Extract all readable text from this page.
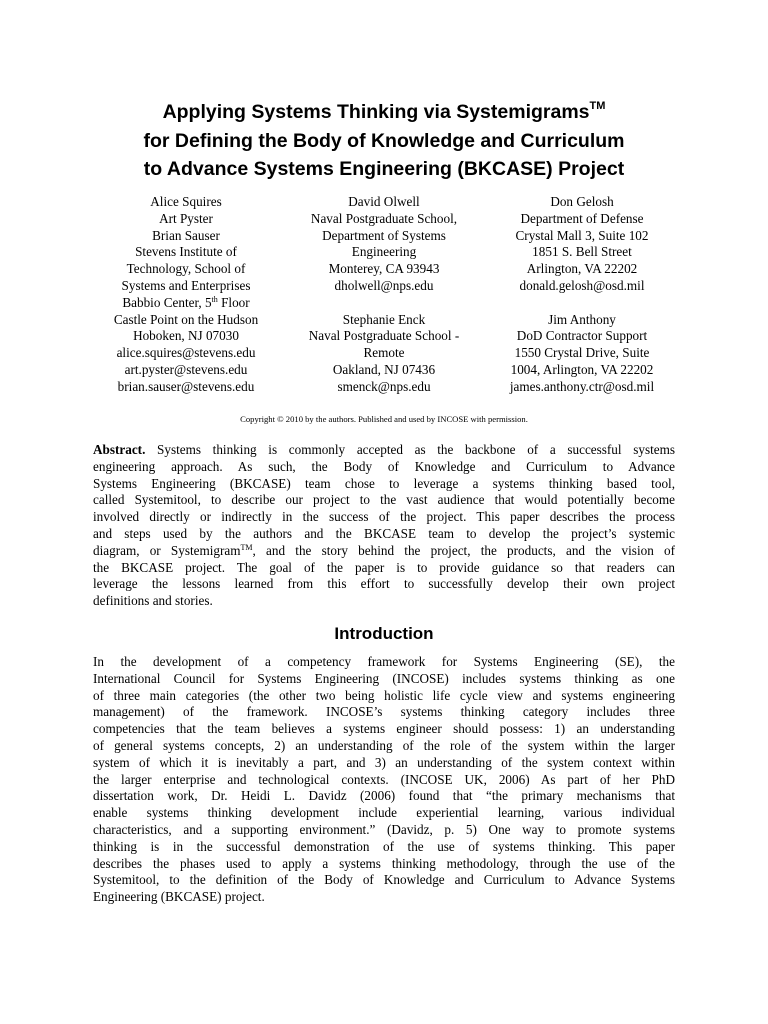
Applying Systems Thinking via Systemigrams™
for Defining the Body of Knowledge and Curriculum
to Advance Systems Engineering (BKCASE) Project
Alice Squires
Art Pyster
Brian Sauser
Stevens Institute of
Technology, School of
Systems and Enterprises
Babbio Center, 5th Floor
Castle Point on the Hudson
Hoboken, NJ 07030
alice.squires@stevens.edu
art.pyster@stevens.edu
brian.sauser@stevens.edu
David Olwell
Naval Postgraduate School,
Department of Systems
Engineering
Monterey, CA 93943
dholwell@nps.edu
Stephanie Enck
Naval Postgraduate School -
Remote
Oakland, NJ 07436
smenck@nps.edu
Don Gelosh
Department of Defense
Crystal Mall 3, Suite 102
1851 S. Bell Street
Arlington, VA 22202
donald.gelosh@osd.mil
Jim Anthony
DoD Contractor Support
1550 Crystal Drive, Suite
1004, Arlington, VA 22202
james.anthony.ctr@osd.mil
Copyright © 2010 by the authors. Published and used by INCOSE with permission.
Abstract. Systems thinking is commonly accepted as the backbone of a successful systems
engineering approach. As such, the Body of Knowledge and Curriculum to Advance
Systems Engineering (BKCASE) team chose to leverage a systems thinking based tool,
called Systemitool, to describe our project to the vast audience that would potentially become
involved directly or indirectly in the success of the project. This paper describes the process
and steps used by the authors and the BKCASE team to develop the project’s systemic
diagram, or Systemigram™, and the story behind the project, the products, and the vision of
the BKCASE project. The goal of the paper is to provide guidance so that readers can
leverage the lessons learned from this effort to successfully develop their own project
definitions and stories.
Introduction
In the development of a competency framework for Systems Engineering (SE), the
International Council for Systems Engineering (INCOSE) includes systems thinking as one
of three main categories (the other two being holistic life cycle view and systems engineering
management) of the framework. INCOSE’s systems thinking category includes three
competencies that the team believes a systems engineer should possess: 1) an understanding
of general systems concepts, 2) an understanding of the role of the system within the larger
system of which it is inevitably a part, and 3) an understanding of the system context within
the larger enterprise and technological contexts. (INCOSE UK, 2006) As part of her PhD
dissertation work, Dr. Heidi L. Davidz (2006) found that “the primary mechanisms that
enable systems thinking development include experiential learning, various individual
characteristics, and a supporting environment.” (Davidz, p. 5) One way to promote systems
thinking is in the successful demonstration of the use of systems thinking. This paper
describes the phases used to apply a systems thinking methodology, through the use of the
Systemitool, to the definition of the Body of Knowledge and Curriculum to Advance Systems
Engineering (BKCASE) project.
